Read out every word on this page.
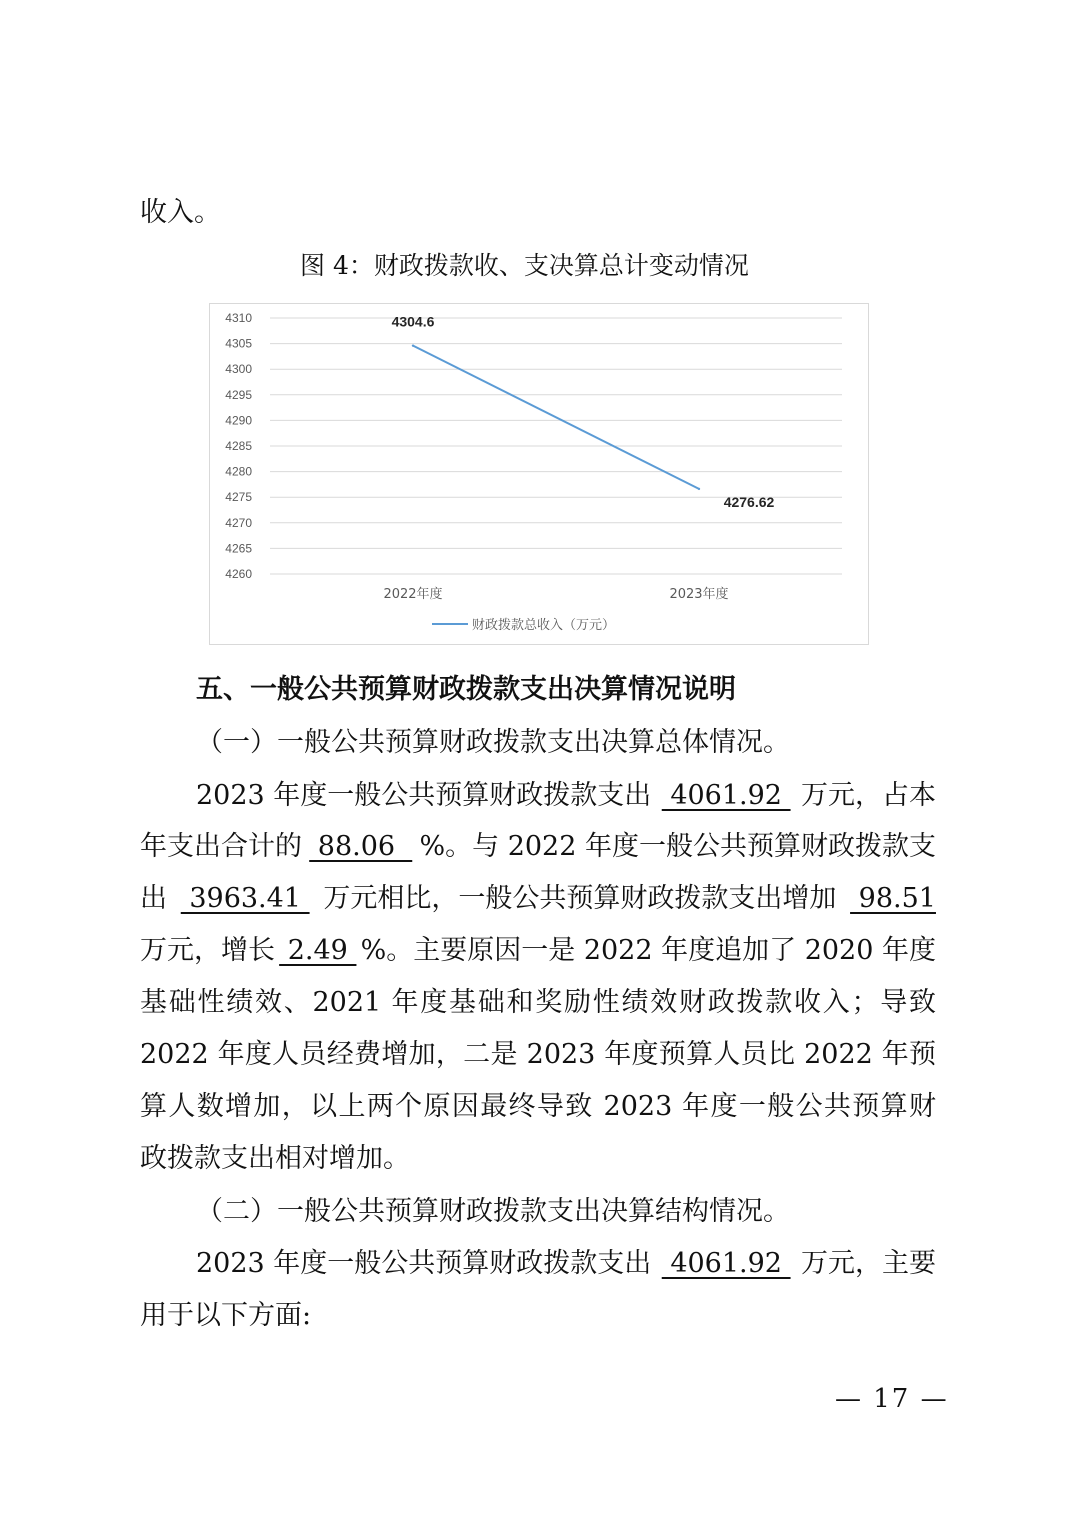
收入。
图 4：财政拨款收、支决算总计变动情况
4310
4305
4300
4295
4290
4285
4280
4275
4270
4265
4260
2022年度	2023年度
4304.6
4276.62
财政拨款总收入（万元）
五、一般公共预算财政拨款支出决算情况说明
（一）一般公共预算财政拨款支出决算总体情况。
2023 年度一般公共预算财政拨款支出 4061.92 万元，占本
年支出合计的 88.06 %。与 2022 年度一般公共预算财政拨款支
出 3963.41 万元相比，一般公共预算财政拨款支出增加 98.51
万元，增长 2.49 %。主要原因一是 2022 年度追加了 2020 年度
基础性绩效、2021 年度基础和奖励性绩效财政拨款收入；导致
2022 年度人员经费增加，二是 2023 年度预算人员比 2022 年预
算人数增加，以上两个原因最终导致 2023 年度一般公共预算财
政拨款支出相对增加。
（二）一般公共预算财政拨款支出决算结构情况。
2023 年度一般公共预算财政拨款支出 4061.92 万元，主要
用于以下方面:
— 17 —
